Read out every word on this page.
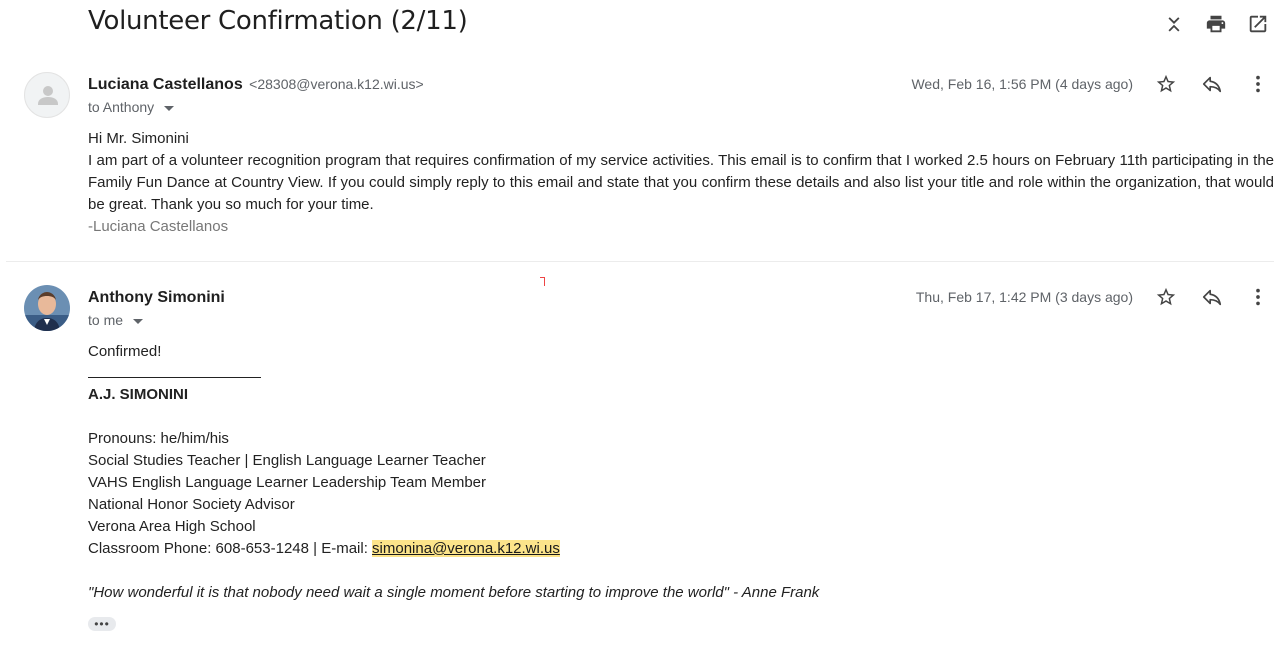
Volunteer Confirmation (2/11)
Luciana Castellanos <28308@verona.k12.wi.us>
to Anthony
Wed, Feb 16, 1:56 PM (4 days ago)

Hi Mr. Simonini

I am part of a volunteer recognition program that requires confirmation of my service activities. This email is to confirm that I worked 2.5 hours on February 11th participating in the Family Fun Dance at Country View. If you could simply reply to this email and state that you confirm these details and also list your title and role within the organization, that would be great. Thank you so much for your time.

-Luciana Castellanos

Anthony Simonini
to me
Thu, Feb 17, 1:42 PM (3 days ago)

Confirmed!

A.J. SIMONINI

Pronouns: he/him/his

Social Studies Teacher | English Language Learner Teacher

VAHS English Language Learner Leadership Team Member

National Honor Society Advisor

Verona Area High School

Classroom Phone: 608-653-1248 | E-mail: simonina@verona.k12.wi.us

"How wonderful it is that nobody need wait a single moment before starting to improve the world" - Anne Frank

•••
